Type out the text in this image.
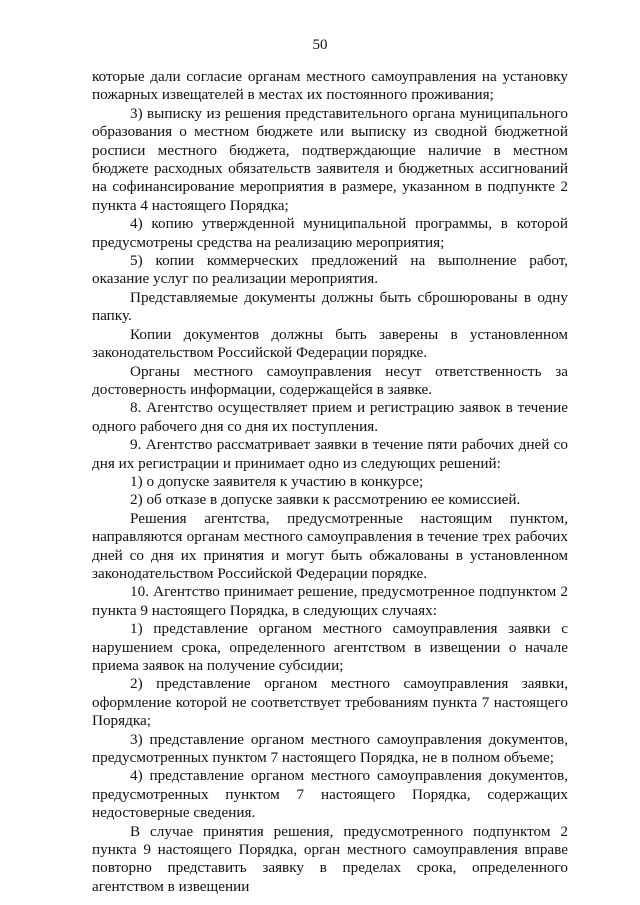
50

которые дали согласие органам местного самоуправления на установку пожарных извещателей в местах их постоянного проживания;

3) выписку из решения представительного органа муниципального образования о местном бюджете или выписку из сводной бюджетной росписи местного бюджета, подтверждающие наличие в местном бюджете расходных обязательств заявителя и бюджетных ассигнований на софинансирование мероприятия в размере, указанном в подпункте 2 пункта 4 настоящего Порядка;

4) копию утвержденной муниципальной программы, в которой предусмотрены средства на реализацию мероприятия;

5) копии коммерческих предложений на выполнение работ, оказание услуг по реализации мероприятия.

Представляемые документы должны быть сброшюрованы в одну папку.

Копии документов должны быть заверены в установленном законодательством Российской Федерации порядке.

Органы местного самоуправления несут ответственность за достоверность информации, содержащейся в заявке.

8. Агентство осуществляет прием и регистрацию заявок в течение одного рабочего дня со дня их поступления.

9. Агентство рассматривает заявки в течение пяти рабочих дней со дня их регистрации и принимает одно из следующих решений:

1) о допуске заявителя к участию в конкурсе;

2) об отказе в допуске заявки к рассмотрению ее комиссией.

Решения агентства, предусмотренные настоящим пунктом, направляются органам местного самоуправления в течение трех рабочих дней со дня их принятия и могут быть обжалованы в установленном законодательством Российской Федерации порядке.

10. Агентство принимает решение, предусмотренное подпунктом 2 пункта 9 настоящего Порядка, в следующих случаях:

1) представление органом местного самоуправления заявки с нарушением срока, определенного агентством в извещении о начале приема заявок на получение субсидии;

2) представление органом местного самоуправления заявки, оформление которой не соответствует требованиям пункта 7 настоящего Порядка;

3) представление органом местного самоуправления документов, предусмотренных пунктом 7 настоящего Порядка, не в полном объеме;

4) представление органом местного самоуправления документов, предусмотренных пунктом 7 настоящего Порядка, содержащих недостоверные сведения.

В случае принятия решения, предусмотренного подпунктом 2 пункта 9 настоящего Порядка, орган местного самоуправления вправе повторно представить заявку в пределах срока, определенного агентством в извещении
